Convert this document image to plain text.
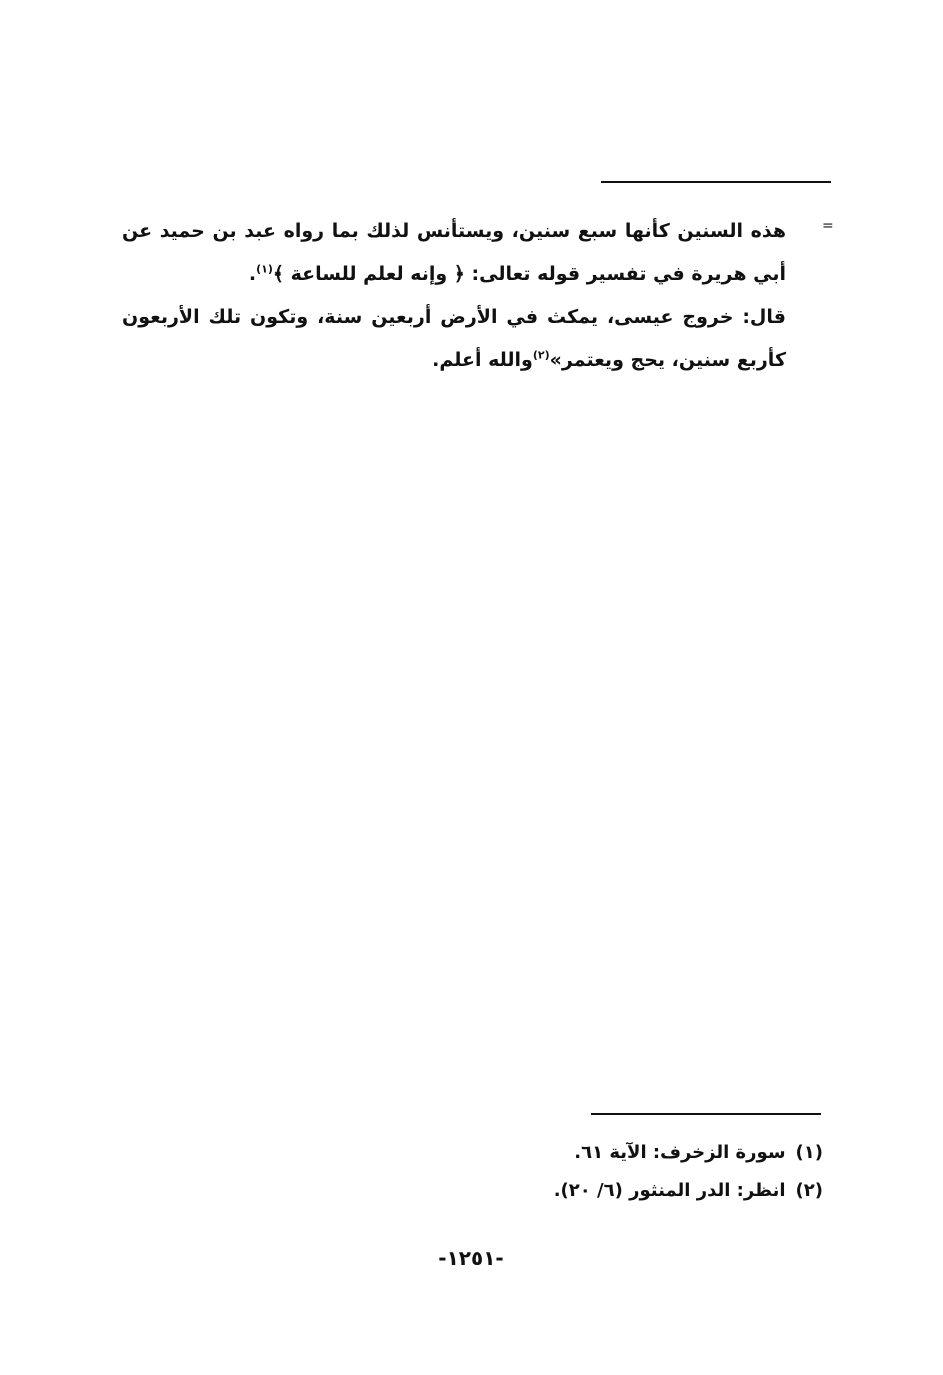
=

هذه السنين كأنها سبع سنين، ويستأنس لذلك بما رواه عبد بن حميد عن أبي هريرة في تفسير قوله تعالى: ﴿ وإنه لعلم للساعة ﴾$^{(١)}$.

قال: خروج عيسى، يمكث في الأرض أربعين سنة، وتكون تلك الأربعون كأربع سنين، يحج ويعتمر»$^{(٢)}$والله أعلم.

(١)سورة الزخرف: الآية ٦١.
(٢)انظر: الدر المنثور (٦/ ٢٠).
-١٢٥١-
